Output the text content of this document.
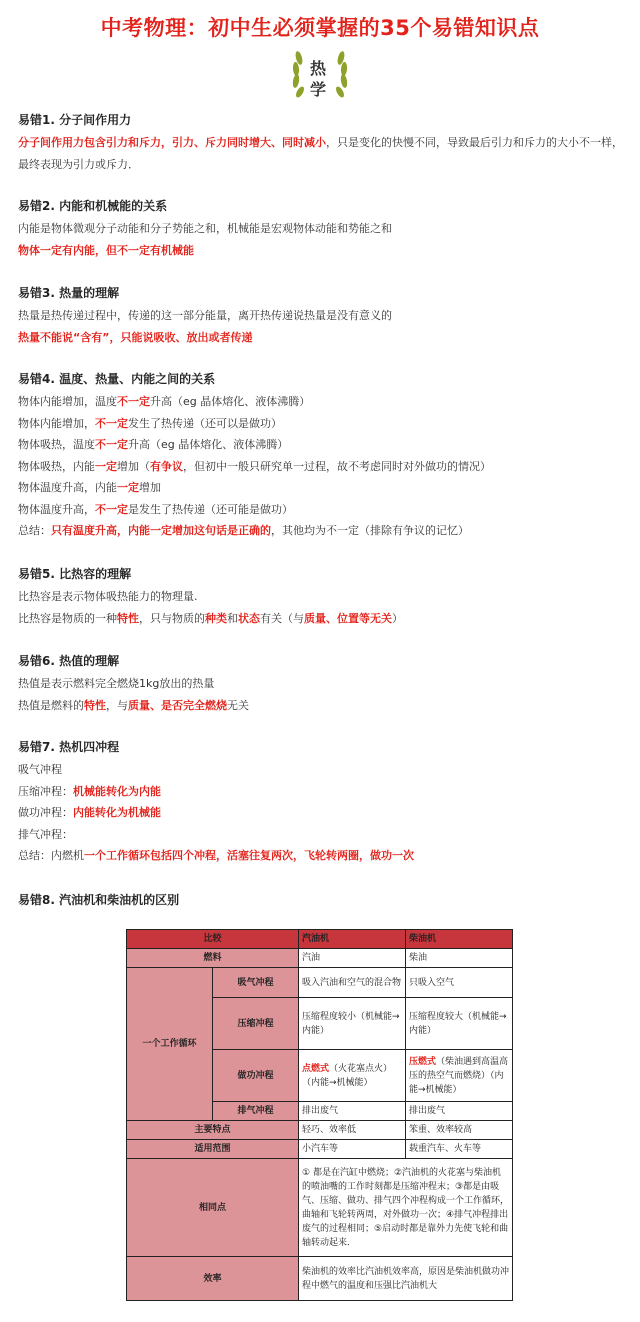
中考物理：初中生必须掌握的35个易错知识点
热
学
易错1. 分子间作用力
分子间作用力包含引力和斥力，引力、斥力同时增大、同时减小，只是变化的快慢不同，导致最后引力和斥力的大小不一样，最终表现为引力或斥力．
易错2. 内能和机械能的关系
内能是物体微观分子动能和分子势能之和，机械能是宏观物体动能和势能之和
物体一定有内能，但不一定有机械能
易错3. 热量的理解
热量是热传递过程中，传递的这一部分能量，离开热传递说热量是没有意义的
热量不能说“含有”，只能说吸收、放出或者传递
易错4. 温度、热量、内能之间的关系
物体内能增加，温度不一定升高（eg 晶体熔化、液体沸腾）
物体内能增加，不一定发生了热传递（还可以是做功）
物体吸热，温度不一定升高（eg 晶体熔化、液体沸腾）
物体吸热，内能一定增加（有争议，但初中一般只研究单一过程，故不考虑同时对外做功的情况）
物体温度升高，内能一定增加
物体温度升高，不一定是发生了热传递（还可能是做功）
总结：只有温度升高，内能一定增加这句话是正确的，其他均为不一定（排除有争议的记忆）
易错5. 比热容的理解
比热容是表示物体吸热能力的物理量.
比热容是物质的一种特性，只与物质的种类和状态有关（与质量、位置等无关）
易错6. 热值的理解
热值是表示燃料完全燃烧1kg放出的热量
热值是燃料的特性，与质量、是否完全燃烧无关
易错7. 热机四冲程
吸气冲程
压缩冲程：机械能转化为内能
做功冲程：内能转化为机械能
排气冲程：
总结：内燃机一个工作循环包括四个冲程，活塞往复两次，飞轮转两圈，做功一次
易错8. 汽油机和柴油机的区别
比较		汽油机	柴油机
燃料		汽油	柴油
一个工作循环	吸气冲程	吸入汽油和空气的混合物	只吸入空气
	压缩冲程	压缩程度较小（机械能→内能）	压缩程度较大（机械能→内能）
	做功冲程	点燃式（火花塞点火）（内能→机械能）	压燃式（柴油遇到高温高压的热空气而燃烧）（内能→机械能）
	排气冲程	排出废气	排出废气
主要特点		轻巧、效率低	笨重、效率较高
适用范围		小汽车等	载重汽车、火车等
相同点		① 都是在汽缸中燃烧；②汽油机的火花塞与柴油机的喷油嘴的工作时刻都是压缩冲程末；③都是由吸气、压缩、做功、排气四个冲程构成一个工作循环，曲轴和飞轮转两周，对外做功一次；④排气冲程排出废气的过程相同；⑤启动时都是靠外力先使飞轮和曲轴转动起来．	
效率		柴油机的效率比汽油机效率高，原因是柴油机做功冲程中燃气的温度和压强比汽油机大	
